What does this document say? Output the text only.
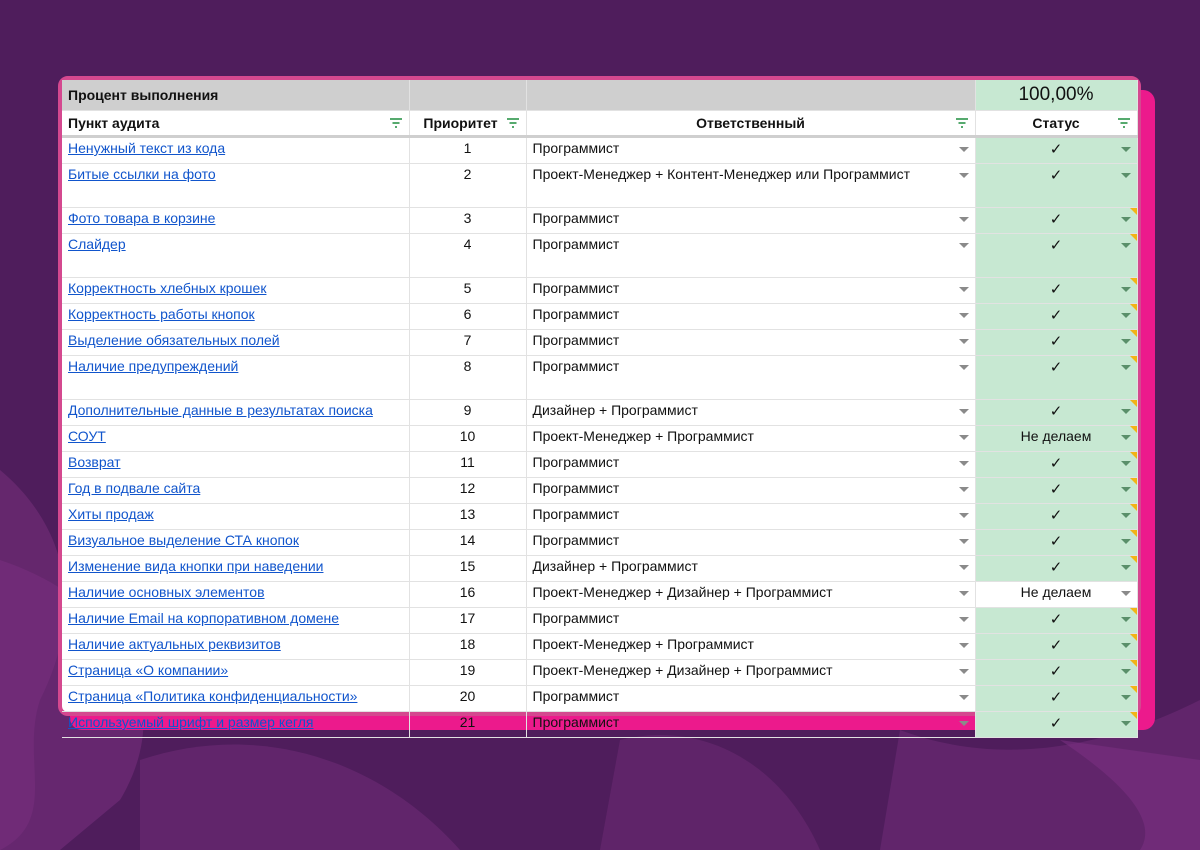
Процент выполнения			100,00%
Пункт аудита	Приоритет	Ответственный	Статус

Ненужный текст из кода	1	Программист	✓

Битые ссылки на фото	2	Проект-Менеджер + Контент-Менеджер или Программист	✓

Фото товара в корзине	3	Программист	✓

Слайдер	4	Программист	✓

Корректность хлебных крошек	5	Программист	✓

Корректность работы кнопок	6	Программист	✓

Выделение обязательных полей	7	Программист	✓

Наличие предупреждений	8	Программист	✓

Дополнительные данные в результатах поиска	9	Дизайнер + Программист	✓

СОУТ	10	Проект-Менеджер + Программист	Не делаем

Возврат	11	Программист	✓

Год в подвале сайта	12	Программист	✓

Хиты продаж	13	Программист	✓

Визуальное выделение СТА кнопок	14	Программист	✓

Изменение вида кнопки при наведении	15	Дизайнер + Программист	✓

Наличие основных элементов	16	Проект-Менеджер + Дизайнер + Программист	Не делаем

Наличие Email на корпоративном домене	17	Программист	✓

Наличие актуальных реквизитов	18	Проект-Менеджер + Программист	✓

Страница «О компании»	19	Проект-Менеджер + Дизайнер + Программист	✓

Страница «Политика конфиденциальности»	20	Программист	✓

Используемый шрифт и размер кегля	21	Программист	✓
